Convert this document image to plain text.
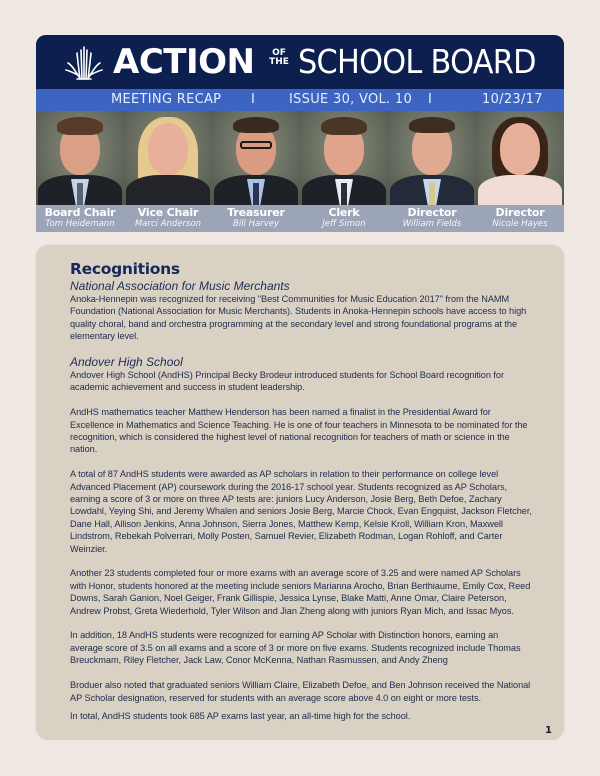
ACTION	OF
THE SCHOOL BOARD
MEETING RECAP I	ISSUE 30, VOL. 10 I	10/23/17
Board Chair
Tom Heidemann
Vice Chair
Marci Anderson
Treasurer
Bill Harvey
Clerk
Jeff Simon
Director
William Fields
Director
Nicole Hayes
Recognitions
National Association for Music Merchants

Anoka-Hennepin was recognized for receiving "Best Communities for Music Education 2017" from the NAMM Foundation (National Association for Music Merchants). Students in Anoka-Hennepin schools have access to high quality choral, band and orchestra programming at the secondary level and strong foundational programs at the elementary level.

Andover High School

Andover High School (AndHS) Principal Becky Brodeur introduced students for School Board recognition for academic achievement and success in student leadership.

AndHS mathematics teacher Matthew Henderson has been named a finalist in the Presidential Award for Excellence in Mathematics and Science Teaching. He is one of four teachers in Minnesota to be nominated for the recognition, which is considered the highest level of national recognition for teachers of math or science in the nation.

A total of 87 AndHS students were awarded as AP scholars in relation to their performance on college level Advanced Placement (AP) coursework during the 2016-17 school year. Students recognized as AP Scholars, earning a score of 3 or more on three AP tests are: juniors Lucy Anderson, Josie Berg, Beth Defoe, Zachary Lowdahl, Yeying Shi, and Jeremy Whalen and seniors Josie Berg, Marcie Chock, Evan Engquist, Jackson Fletcher, Dane Hall, Allison Jenkins, Anna Johnson, Sierra Jones, Matthew Kemp, Kelsie Kroll, William Kron, Maxwell Lindstrom, Rebekah Polverrari, Molly Posten, Samuel Revier, Elizabeth Rodman, Logan Rohloff, and Carter Weinzier.

Another 23 students completed four or more exams with an average score of 3.25 and were named AP Scholars with Honor, students honored at the meeting include seniors Marianna Arocho, Brian Berthiaume, Emily Cox, Reed Downs, Sarah Ganion, Noel Geiger, Frank Gillispie, Jessica Lynse, Blake Matti, Anne Omar, Claire Peterson, Andrew Probst, Greta Wiederhold, Tyler Wilson and Jian Zheng along with juniors Ryan Mich, and Issac Myos.

In addition, 18 AndHS students were recognized for earning AP Scholar with Distinction honors, earning an average score of 3.5 on all exams and a score of 3 or more on five exams. Students recognized include Thomas Breuckmam, Riley Fletcher, Jack Law, Conor McKenna, Nathan Rasmussen, and Andy Zheng

Broduer also noted that graduated seniors William Claire, Elizabeth Defoe, and Ben Johnson received the National AP Scholar designation, reserved for students with an average score above 4.0 on eight or more tests.

In total, AndHS students took 685 AP exams last year, an all-time high for the school.

1
